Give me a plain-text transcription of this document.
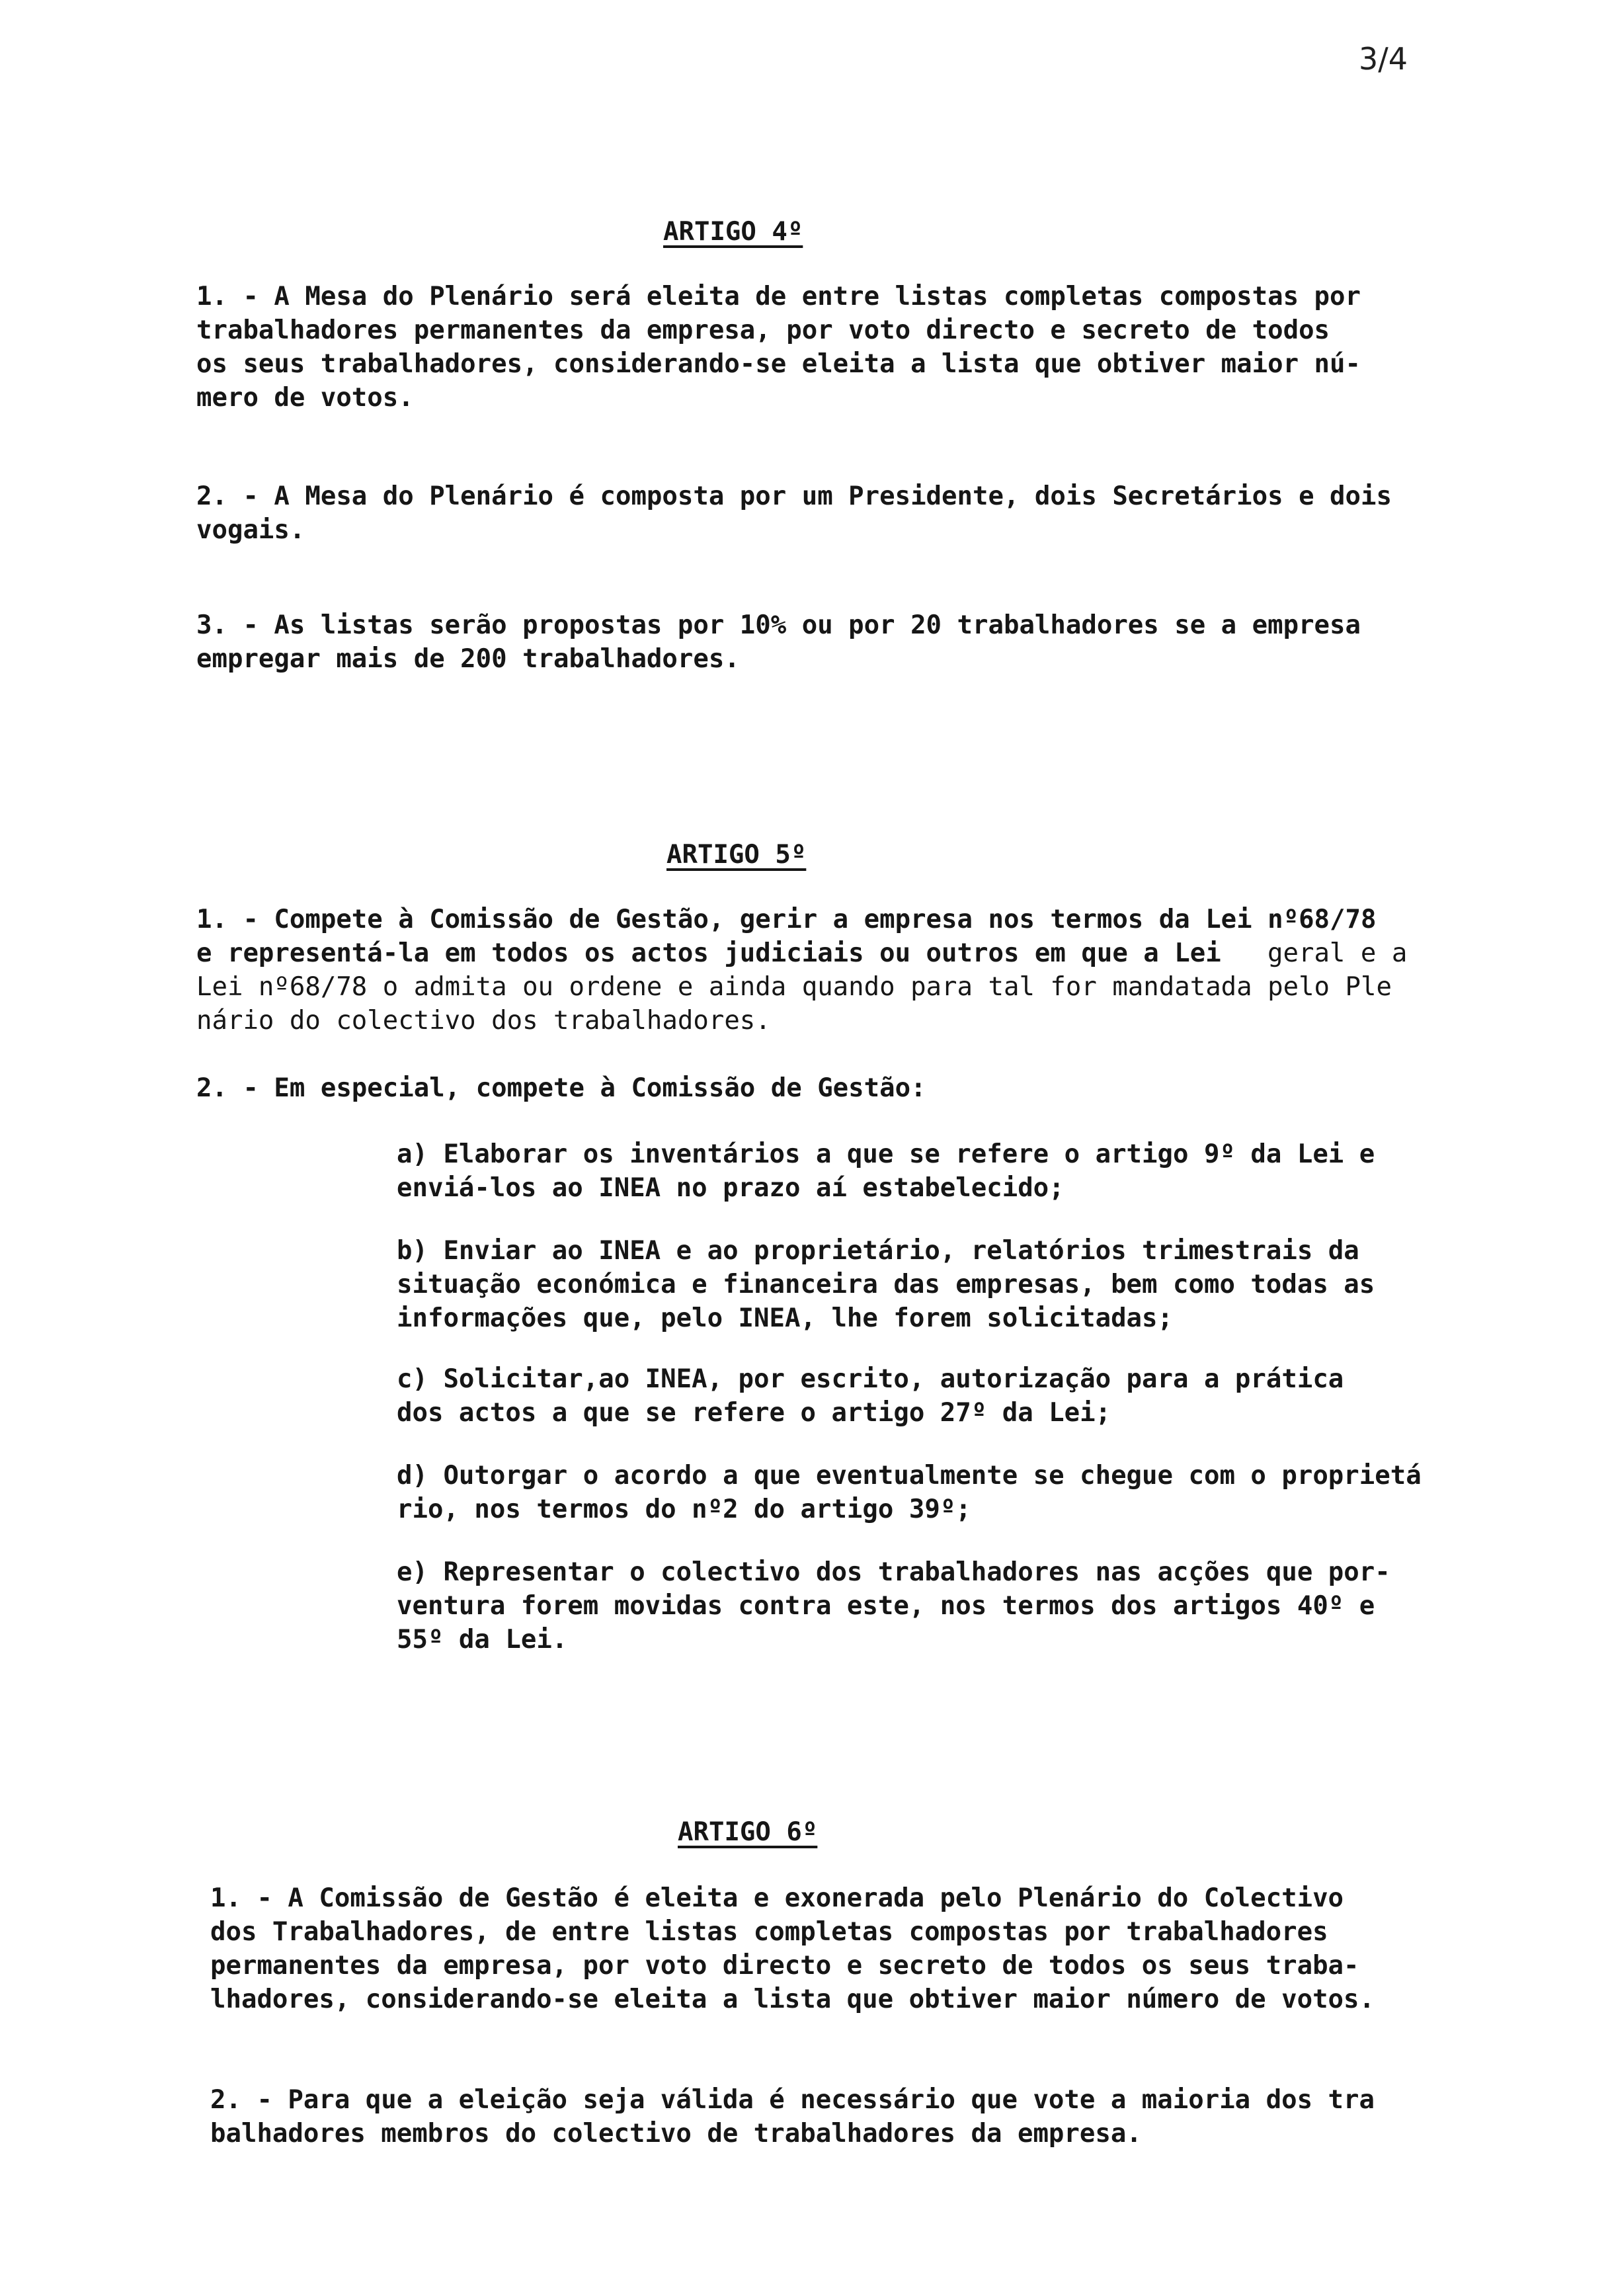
3/4
ARTIGO 4º

1. - A Mesa do Plenário será eleita de entre listas completas compostas por
trabalhadores permanentes da empresa, por voto directo e secreto de todos
os seus trabalhadores, considerando-se eleita a lista que obtiver maior nú-
mero de votos.

2. - A Mesa do Plenário é composta por um Presidente, dois Secretários e dois
vogais.

3. - As listas serão propostas por 10% ou por 20 trabalhadores se a empresa
empregar mais de 200 trabalhadores.

ARTIGO 5º

1. - Compete à Comissão de Gestão, gerir a empresa nos termos da Lei nº68/78
e representá-la em todos os actos judiciais ou outros em que a Lei	geral e a
Lei nº68/78 o admita ou ordene e ainda quando para tal for mandatada pelo Ple
nário do colectivo dos trabalhadores.

2. - Em especial, compete à Comissão de Gestão:

a) Elaborar os inventários a que se refere o artigo 9º da Lei e
enviá-los ao INEA no prazo aí estabelecido;

b) Enviar ao INEA e ao proprietário, relatórios trimestrais da
situação económica e financeira das empresas, bem como todas as
informações que, pelo INEA, lhe forem solicitadas;

c) Solicitar,ao INEA, por escrito, autorização para a prática
dos actos a que se refere o artigo 27º da Lei;

d) Outorgar o acordo a que eventualmente se chegue com o proprietá
rio, nos termos do nº2 do artigo 39º;

e) Representar o colectivo dos trabalhadores nas acções que por-
ventura forem movidas contra este, nos termos dos artigos 40º e
55º da Lei.

ARTIGO 6º

1. - A Comissão de Gestão é eleita e exonerada pelo Plenário do Colectivo
dos Trabalhadores, de entre listas completas compostas por trabalhadores
permanentes da empresa, por voto directo e secreto de todos os seus traba-
lhadores, considerando-se eleita a lista que obtiver maior número de votos.

2. - Para que a eleição seja válida é necessário que vote a maioria dos tra
balhadores membros do colectivo de trabalhadores da empresa.
